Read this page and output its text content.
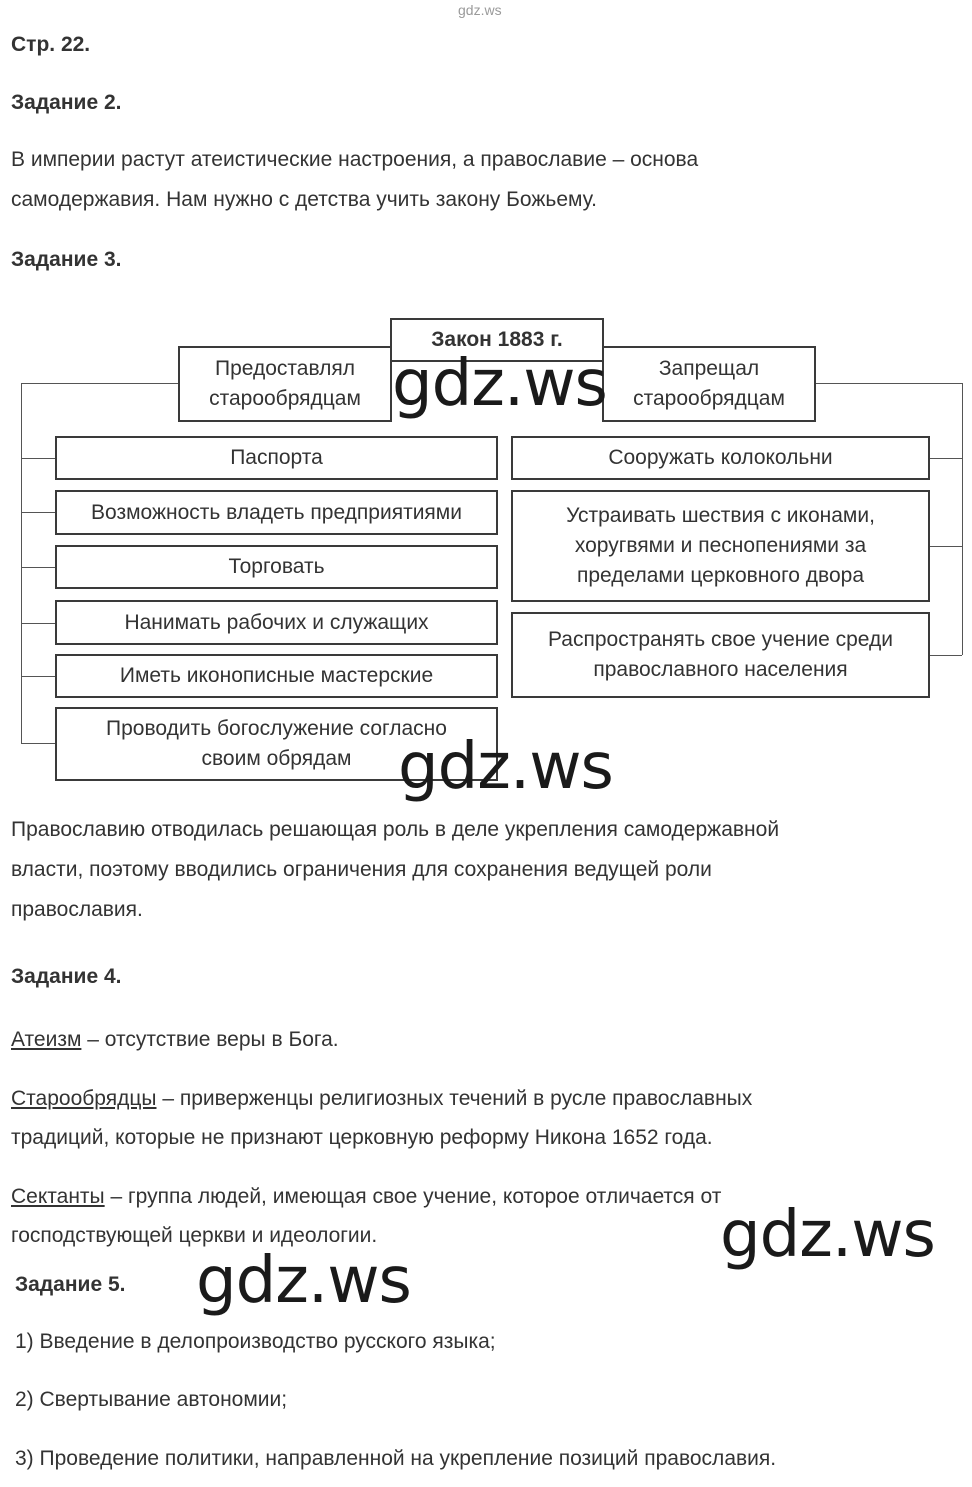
gdz.ws
Стр. 22.
Задание 2.
В империи растут атеистические настроения, а православие – основа
самодержавия. Нам нужно с детства учить закону Божьему.
Задание 3.
Предоставлял
старообрядцам
Запрещал
старообрядцам
Закон 1883 г.
Паспорта
Возможность владеть предприятиями
Торговать
Нанимать рабочих и служащих
Иметь иконописные мастерские
Проводить богослужение согласно
своим обрядам
Сооружать колокольни
Устраивать шествия с иконами,
хоругвями и песнопениями за
пределами церковного двора
Распространять свое учение среди
православного населения
gdz.ws
gdz.ws
Православию отводилась решающая роль в деле укрепления самодержавной
власти, поэтому вводились ограничения для сохранения ведущей роли
православия.
Задание 4.
Атеизм – отсутствие веры в Бога.
Старообрядцы – приверженцы религиозных течений в русле православных
традиций, которые не признают церковную реформу Никона 1652 года.
Сектанты – группа людей, имеющая свое учение, которое отличается от
господствующей церкви и идеологии.	gdz.ws
Задание 5. gdz.ws
1) Введение в делопроизводство русского языка;
2) Свертывание автономии;
3) Проведение политики, направленной на укрепление позиций православия.
